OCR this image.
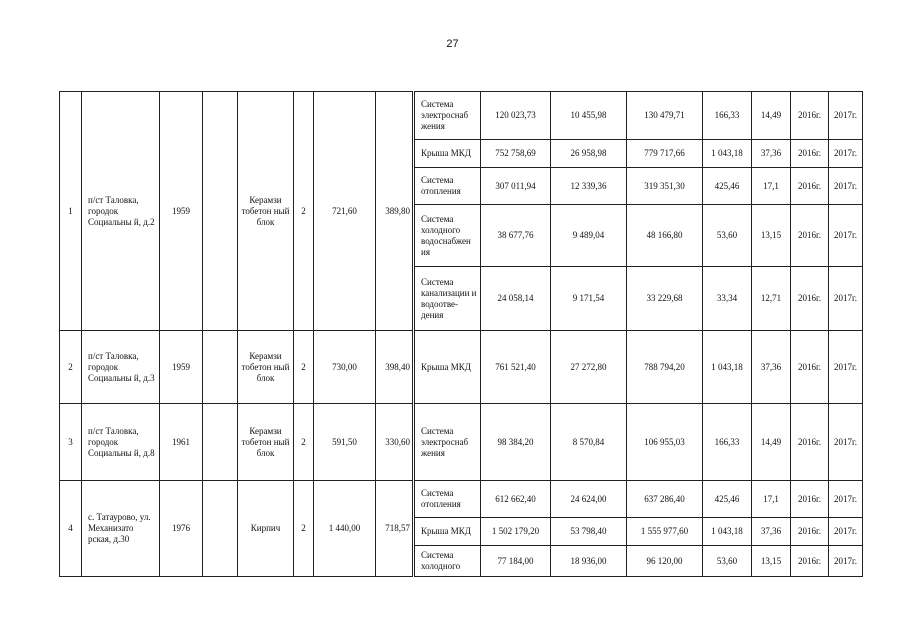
27
1	п/ст Таловка, городок Социальны й, д.2	1959		Керамзи тобетон ный блок	2	721,60	389,80	Система электроснаб жения	120 023,73	10 455,98	130 479,71	166,33	14,49	2016г.	2017г.
								Крыша МКД	752 758,69	26 958,98	779 717,66	1 043,18	37,36	2016г.	2017г.
								Система отопления	307 011,94	12 339,36	319 351,30	425,46	17,1	2016г.	2017г.
								Система холодного водоснабжен ия	38 677,76	9 489,04	48 166,80	53,60	13,15	2016г.	2017г.
								Система канализации и водоотве-дения	24 058,14	9 171,54	33 229,68	33,34	12,71	2016г.	2017г.
2	п/ст Таловка, городок Социальны й, д.3	1959		Керамзи тобетон ный блок	2	730,00	398,40	Крыша МКД	761 521,40	27 272,80	788 794,20	1 043,18	37,36	2016г.	2017г.
3	п/ст Таловка, городок Социальны й, д.8	1961		Керамзи тобетон ный блок	2	591,50	330,60	Система электроснаб жения	98 384,20	8 570,84	106 955,03	166,33	14,49	2016г.	2017г.
4	с. Татаурово, ул. Механизато рская, д.30	1976		Кирпич	2	1 440,00	718,57	Система отопления	612 662,40	24 624,00	637 286,40	425,46	17,1	2016г.	2017г.
								Крыша МКД	1 502 179,20	53 798,40	1 555 977,60	1 043,18	37,36	2016г.	2017г.
								Система холодного	77 184,00	18 936,00	96 120,00	53,60	13,15	2016г.	2017г.
